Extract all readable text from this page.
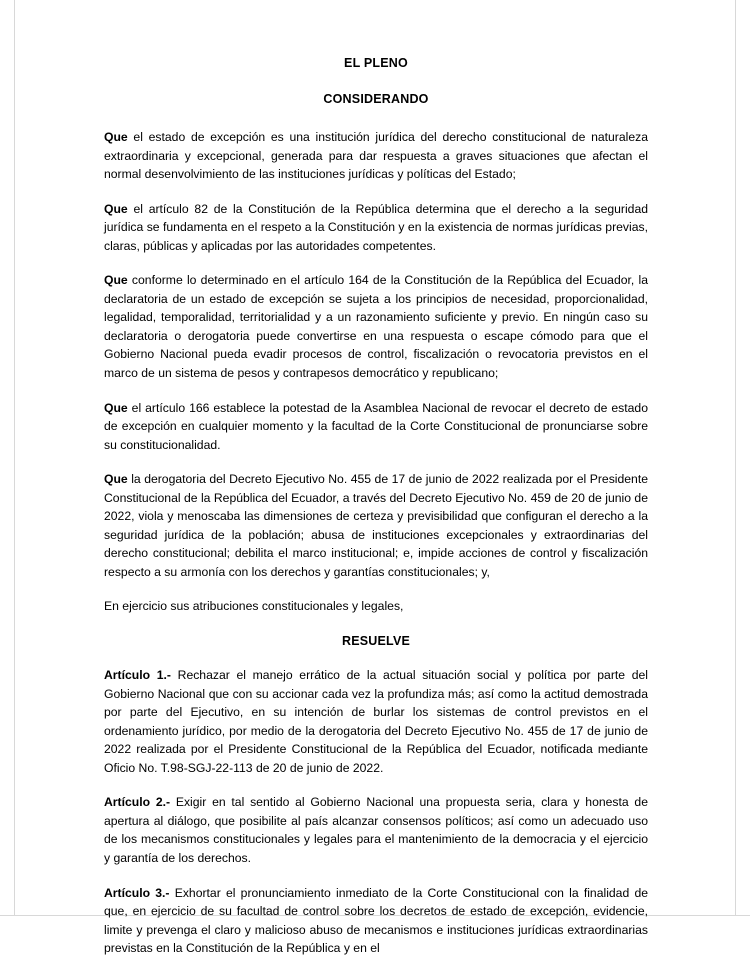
EL PLENO
CONSIDERANDO

Que el estado de excepción es una institución jurídica del derecho constitucional de naturaleza extraordinaria y excepcional, generada para dar respuesta a graves situaciones que afectan el normal desenvolvimiento de las instituciones jurídicas y políticas del Estado;

Que el artículo 82 de la Constitución de la República determina que el derecho a la seguridad jurídica se fundamenta en el respeto a la Constitución y en la existencia de normas jurídicas previas, claras, públicas y aplicadas por las autoridades competentes.

Que conforme lo determinado en el artículo 164 de la Constitución de la República del Ecuador, la declaratoria de un estado de excepción se sujeta a los principios de necesidad, proporcionalidad, legalidad, temporalidad, territorialidad y a un razonamiento suficiente y previo. En ningún caso su declaratoria o derogatoria puede convertirse en una respuesta o escape cómodo para que el Gobierno Nacional pueda evadir procesos de control, fiscalización o revocatoria previstos en el marco de un sistema de pesos y contrapesos democrático y republicano;

Que el artículo 166 establece la potestad de la Asamblea Nacional de revocar el decreto de estado de excepción en cualquier momento y la facultad de la Corte Constitucional de pronunciarse sobre su constitucionalidad.

Que la derogatoria del Decreto Ejecutivo No. 455 de 17 de junio de 2022 realizada por el Presidente Constitucional de la República del Ecuador, a través del Decreto Ejecutivo No. 459 de 20 de junio de 2022, viola y menoscaba las dimensiones de certeza y previsibilidad que configuran el derecho a la seguridad jurídica de la población; abusa de instituciones excepcionales y extraordinarias del derecho constitucional; debilita el marco institucional; e, impide acciones de control y fiscalización respecto a su armonía con los derechos y garantías constitucionales; y,

En ejercicio sus atribuciones constitucionales y legales,

RESUELVE

Artículo 1.- Rechazar el manejo errático de la actual situación social y política por parte del Gobierno Nacional que con su accionar cada vez la profundiza más; así como la actitud demostrada por parte del Ejecutivo, en su intención de burlar los sistemas de control previstos en el ordenamiento jurídico, por medio de la derogatoria del Decreto Ejecutivo No. 455 de 17 de junio de 2022 realizada por el Presidente Constitucional de la República del Ecuador, notificada mediante Oficio No. T.98-SGJ-22-113 de 20 de junio de 2022.

Artículo 2.- Exigir en tal sentido al Gobierno Nacional una propuesta seria, clara y honesta de apertura al diálogo, que posibilite al país alcanzar consensos políticos; así como un adecuado uso de los mecanismos constitucionales y legales para el mantenimiento de la democracia y el ejercicio y garantía de los derechos.

Artículo 3.- Exhortar el pronunciamiento inmediato de la Corte Constitucional con la finalidad de que, en ejercicio de su facultad de control sobre los decretos de estado de excepción, evidencie, limite y prevenga el claro y malicioso abuso de mecanismos e instituciones jurídicas extraordinarias previstas en la Constitución de la República y en el
